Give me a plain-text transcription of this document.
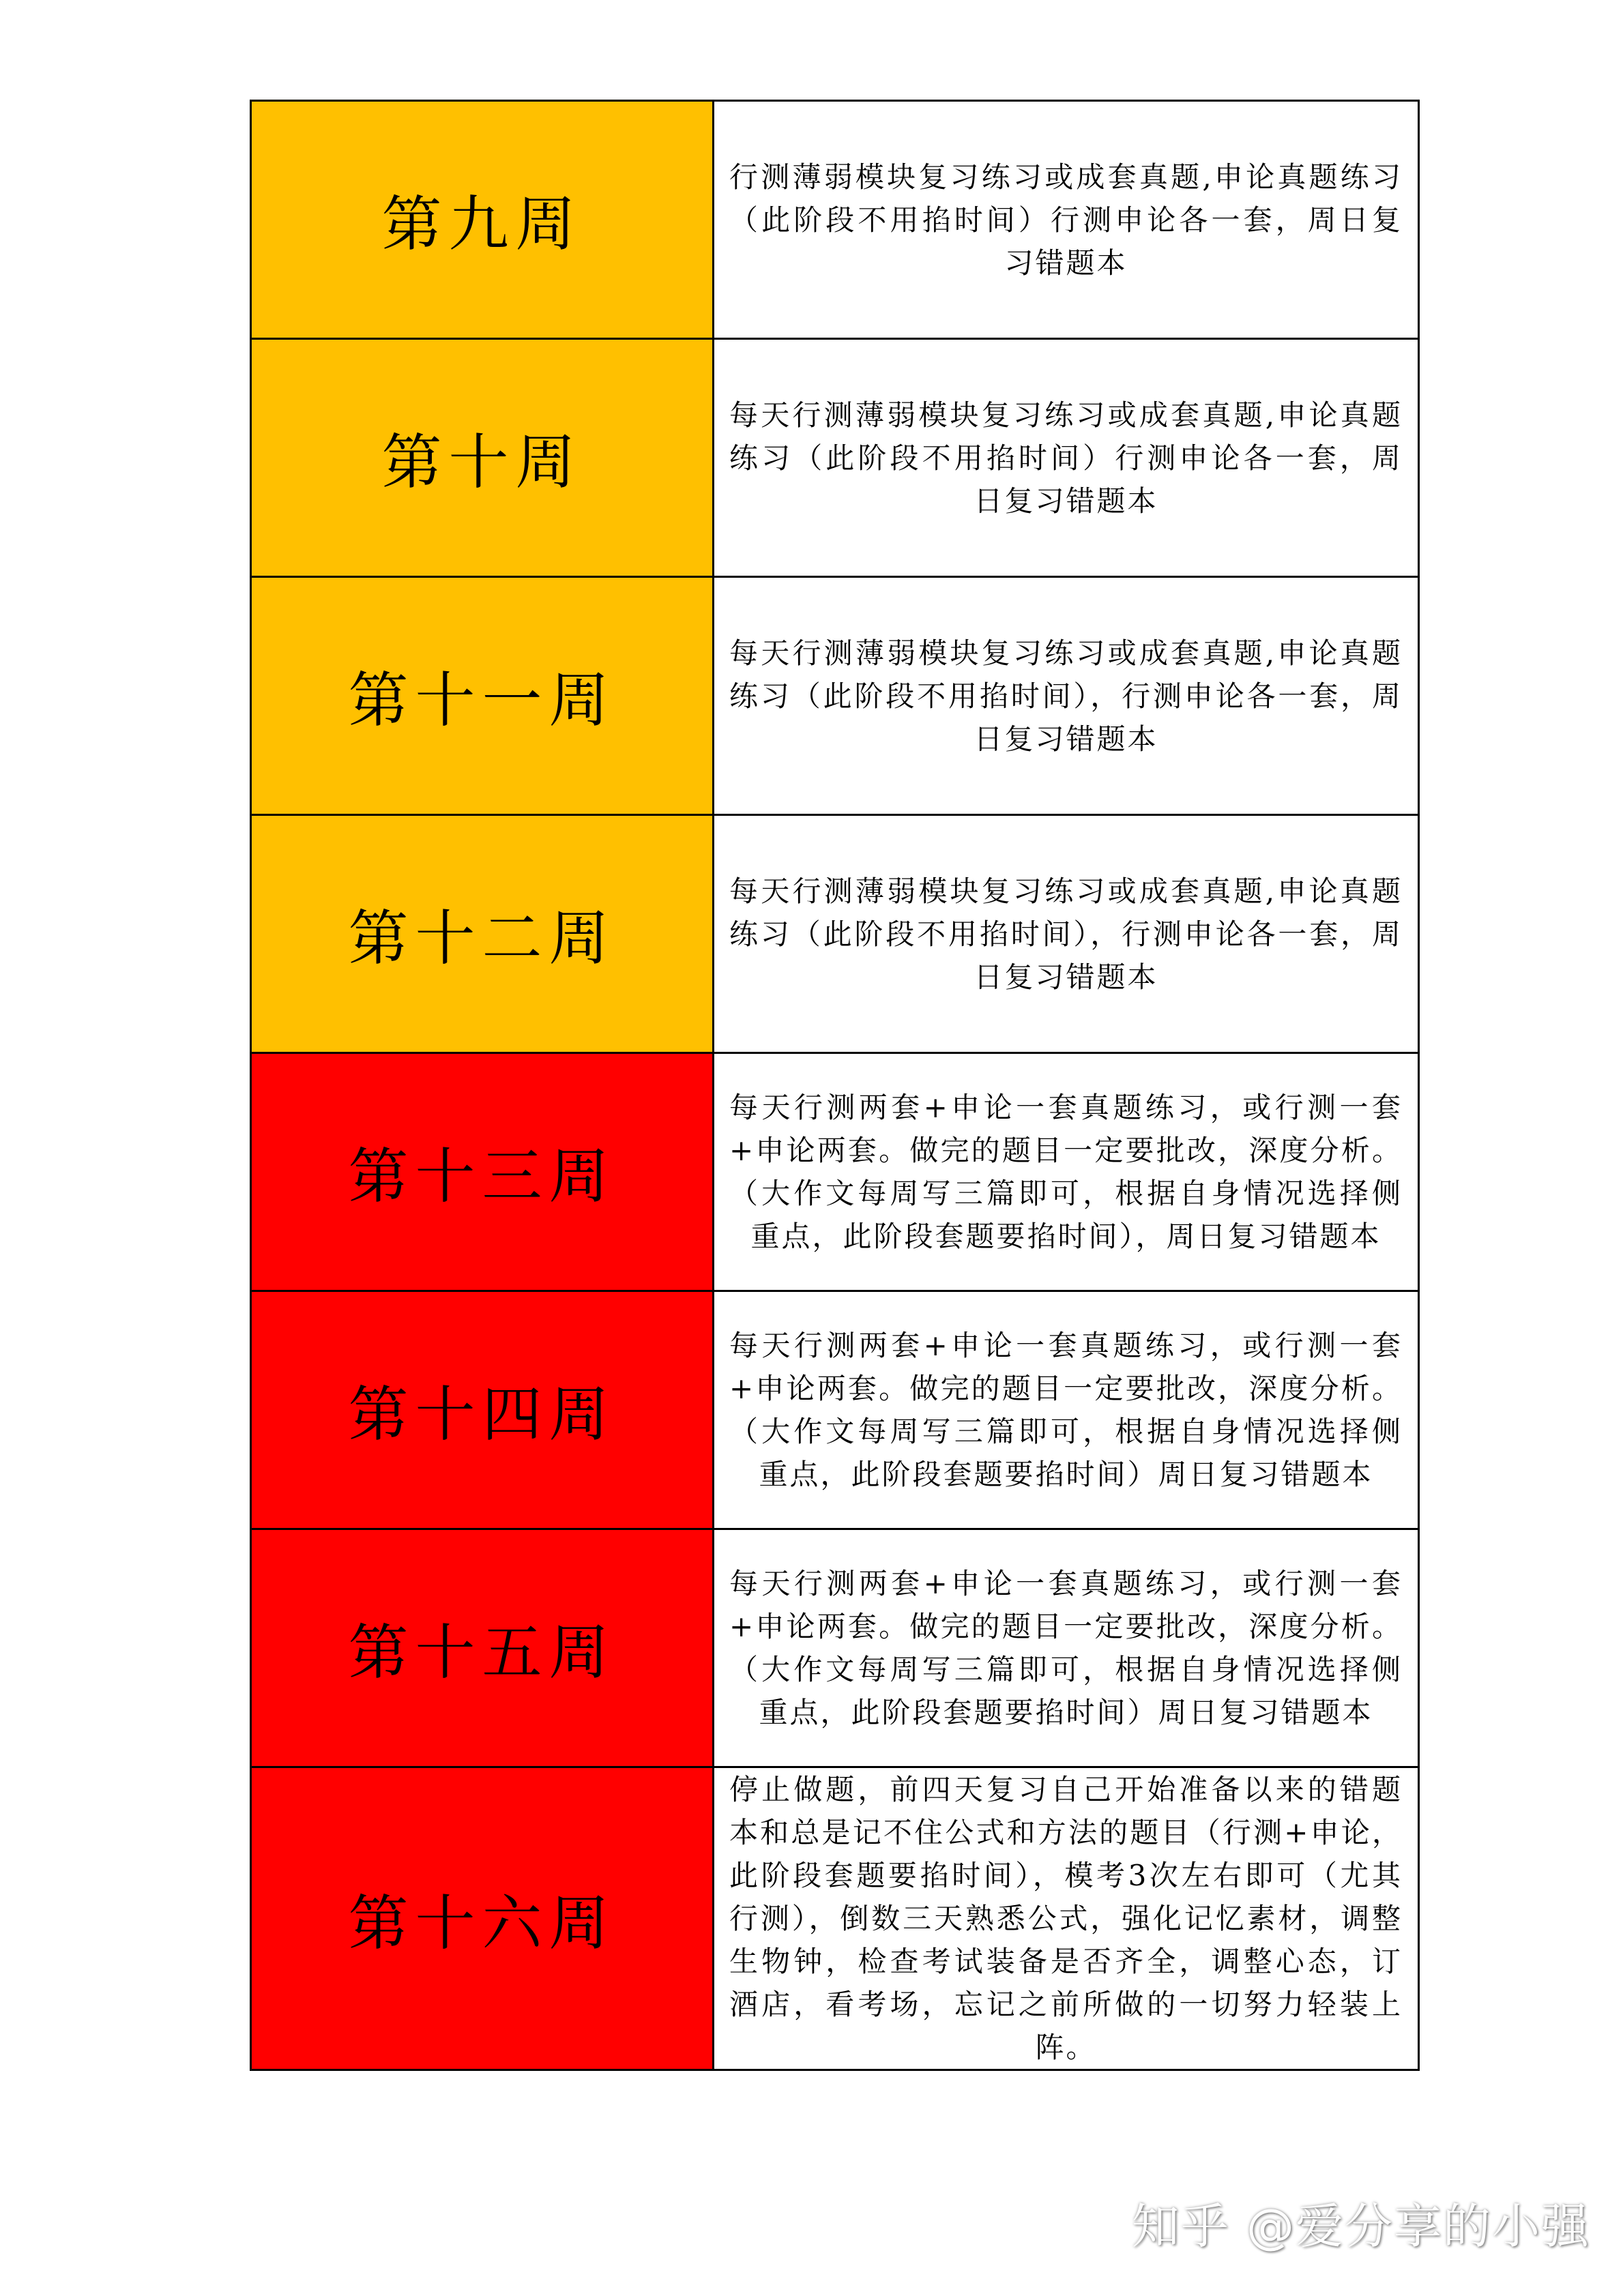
第九周	行测薄弱模块复习练习或成套真题,申论真题练习（此阶段不用掐时间）行测申论各一套，周日复习错题本
第十周	每天行测薄弱模块复习练习或成套真题,申论真题练习（此阶段不用掐时间）行测申论各一套，周日复习错题本
第十一周	每天行测薄弱模块复习练习或成套真题,申论真题练习（此阶段不用掐时间），行测申论各一套，周日复习错题本
第十二周	每天行测薄弱模块复习练习或成套真题,申论真题练习（此阶段不用掐时间），行测申论各一套，周日复习错题本
第十三周	每天行测两套+申论一套真题练习，或行测一套+申论两套。做完的题目一定要批改，深度分析。（大作文每周写三篇即可，根据自身情况选择侧重点，此阶段套题要掐时间），周日复习错题本
第十四周	每天行测两套+申论一套真题练习，或行测一套+申论两套。做完的题目一定要批改，深度分析。（大作文每周写三篇即可，根据自身情况选择侧重点，此阶段套题要掐时间）周日复习错题本
第十五周	每天行测两套+申论一套真题练习，或行测一套+申论两套。做完的题目一定要批改，深度分析。（大作文每周写三篇即可，根据自身情况选择侧重点，此阶段套题要掐时间）周日复习错题本
第十六周	停止做题，前四天复习自己开始准备以来的错题本和总是记不住公式和方法的题目（行测+申论，此阶段套题要掐时间），模考3次左右即可（尤其行测），倒数三天熟悉公式，强化记忆素材，调整生物钟，检查考试装备是否齐全，调整心态，订酒店，看考场，忘记之前所做的一切努力轻装上阵。
知乎 @爱分享的小强
